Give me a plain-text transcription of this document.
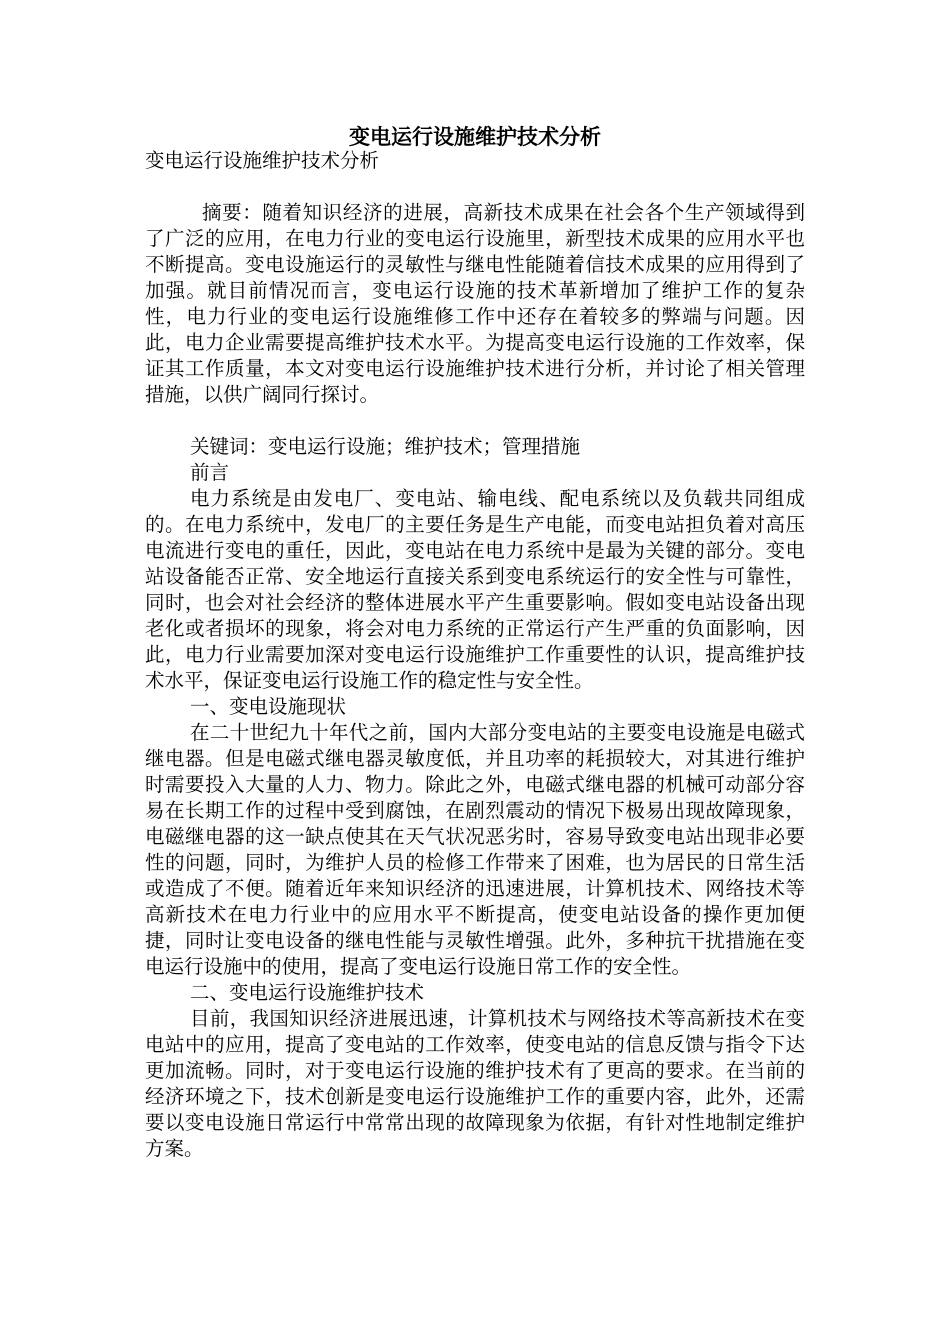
变电运行设施维护技术分析

变电运行设施维护技术分析

摘要：随着知识经济的进展，高新技术成果在社会各个生产领域得到了广泛的应用，在电力行业的变电运行设施里，新型技术成果的应用水平也不断提高。变电设施运行的灵敏性与继电性能随着信技术成果的应用得到了加强。就目前情况而言，变电运行设施的技术革新增加了维护工作的复杂性，电力行业的变电运行设施维修工作中还存在着较多的弊端与问题。因此，电力企业需要提高维护技术水平。为提高变电运行设施的工作效率，保证其工作质量，本文对变电运行设施维护技术进行分析，并讨论了相关管理措施，以供广阔同行探讨。

关键词：变电运行设施；维护技术；管理措施

前言

电力系统是由发电厂、变电站、输电线、配电系统以及负载共同组成的。在电力系统中，发电厂的主要任务是生产电能，而变电站担负着对高压电流进行变电的重任，因此，变电站在电力系统中是最为关键的部分。变电站设备能否正常、安全地运行直接关系到变电系统运行的安全性与可靠性，同时，也会对社会经济的整体进展水平产生重要影响。假如变电站设备出现老化或者损坏的现象，将会对电力系统的正常运行产生严重的负面影响，因此，电力行业需要加深对变电运行设施维护工作重要性的认识，提高维护技术水平，保证变电运行设施工作的稳定性与安全性。

一、变电设施现状

在二十世纪九十年代之前，国内大部分变电站的主要变电设施是电磁式继电器。但是电磁式继电器灵敏度低，并且功率的耗损较大，对其进行维护时需要投入大量的人力、物力。除此之外，电磁式继电器的机械可动部分容易在长期工作的过程中受到腐蚀，在剧烈震动的情况下极易出现故障现象，电磁继电器的这一缺点使其在天气状况恶劣时，容易导致变电站出现非必要性的问题，同时，为维护人员的检修工作带来了困难，也为居民的日常生活或造成了不便。随着近年来知识经济的迅速进展，计算机技术、网络技术等高新技术在电力行业中的应用水平不断提高，使变电站设备的操作更加便捷，同时让变电设备的继电性能与灵敏性增强。此外，多种抗干扰措施在变电运行设施中的使用，提高了变电运行设施日常工作的安全性。

二、变电运行设施维护技术

目前，我国知识经济进展迅速，计算机技术与网络技术等高新技术在变电站中的应用，提高了变电站的工作效率，使变电站的信息反馈与指令下达更加流畅。同时，对于变电运行设施的维护技术有了更高的要求。在当前的经济环境之下，技术创新是变电运行设施维护工作的重要内容，此外，还需要以变电设施日常运行中常常出现的故障现象为依据，有针对性地制定维护方案。
